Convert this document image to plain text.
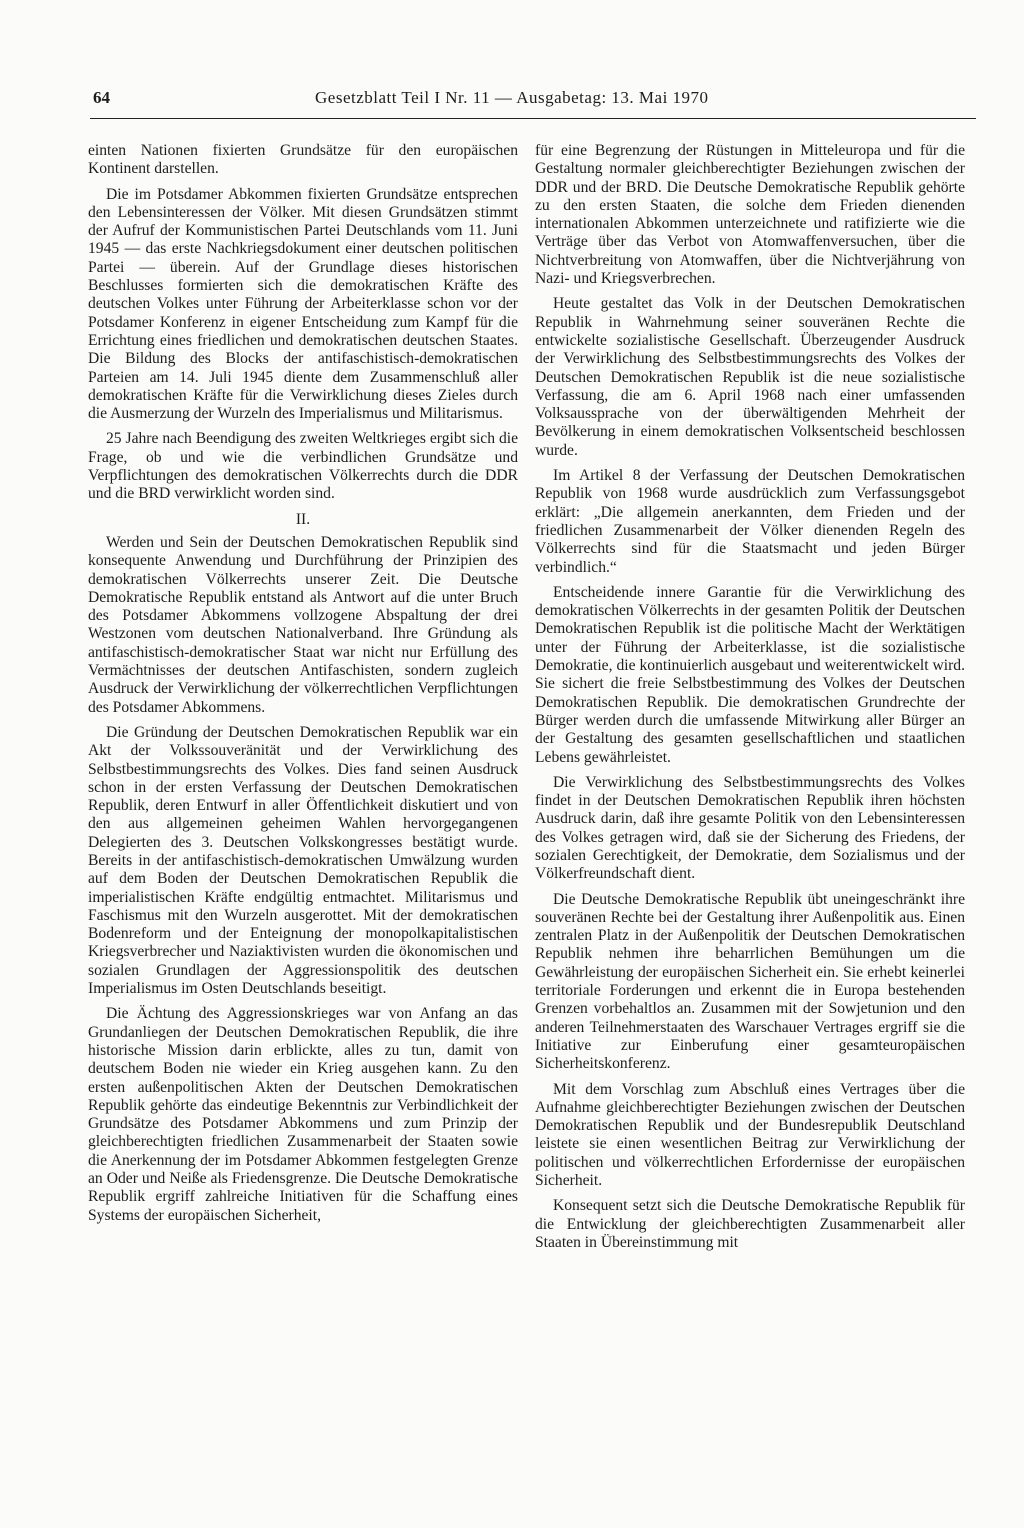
64	Gesetzblatt Teil I Nr. 11 — Ausgabetag: 13. Mai 1970

einten Nationen fixierten Grundsätze für den europäischen Kontinent darstellen.

Die im Potsdamer Abkommen fixierten Grundsätze entsprechen den Lebensinteressen der Völker. Mit diesen Grundsätzen stimmt der Aufruf der Kommunistischen Partei Deutschlands vom 11. Juni 1945 — das erste Nachkriegsdokument einer deutschen politischen Partei — überein. Auf der Grundlage dieses historischen Beschlusses formierten sich die demokratischen Kräfte des deutschen Volkes unter Führung der Arbeiterklasse schon vor der Potsdamer Konferenz in eigener Entscheidung zum Kampf für die Errichtung eines friedlichen und demokratischen deutschen Staates. Die Bildung des Blocks der antifaschistisch-demokratischen Parteien am 14. Juli 1945 diente dem Zusammenschluß aller demokratischen Kräfte für die Verwirklichung dieses Zieles durch die Ausmerzung der Wurzeln des Imperialismus und Militarismus.

25 Jahre nach Beendigung des zweiten Weltkrieges ergibt sich die Frage, ob und wie die verbindlichen Grundsätze und Verpflichtungen des demokratischen Völkerrechts durch die DDR und die BRD verwirklicht worden sind.

II.

Werden und Sein der Deutschen Demokratischen Republik sind konsequente Anwendung und Durchführung der Prinzipien des demokratischen Völkerrechts unserer Zeit. Die Deutsche Demokratische Republik entstand als Antwort auf die unter Bruch des Potsdamer Abkommens vollzogene Abspaltung der drei Westzonen vom deutschen Nationalverband. Ihre Gründung als antifaschistisch-demokratischer Staat war nicht nur Erfüllung des Vermächtnisses der deutschen Antifaschisten, sondern zugleich Ausdruck der Verwirklichung der völkerrechtlichen Verpflichtungen des Potsdamer Abkommens.

Die Gründung der Deutschen Demokratischen Republik war ein Akt der Volkssouveränität und der Verwirklichung des Selbstbestimmungsrechts des Volkes. Dies fand seinen Ausdruck schon in der ersten Verfassung der Deutschen Demokratischen Republik, deren Entwurf in aller Öffentlichkeit diskutiert und von den aus allgemeinen geheimen Wahlen hervorgegangenen Delegierten des 3. Deutschen Volkskongresses bestätigt wurde. Bereits in der antifaschistisch-demokratischen Umwälzung wurden auf dem Boden der Deutschen Demokratischen Republik die imperialistischen Kräfte endgültig entmachtet. Militarismus und Faschismus mit den Wurzeln ausgerottet. Mit der demokratischen Bodenreform und der Enteignung der monopolkapitalistischen Kriegsverbrecher und Naziaktivisten wurden die ökonomischen und sozialen Grundlagen der Aggressionspolitik des deutschen Imperialismus im Osten Deutschlands beseitigt.

Die Ächtung des Aggressionskrieges war von Anfang an das Grundanliegen der Deutschen Demokratischen Republik, die ihre historische Mission darin erblickte, alles zu tun, damit von deutschem Boden nie wieder ein Krieg ausgehen kann. Zu den ersten außenpolitischen Akten der Deutschen Demokratischen Republik gehörte das eindeutige Bekenntnis zur Verbindlichkeit der Grundsätze des Potsdamer Abkommens und zum Prinzip der gleichberechtigten friedlichen Zusammenarbeit der Staaten sowie die Anerkennung der im Potsdamer Abkommen festgelegten Grenze an Oder und Neiße als Friedensgrenze. Die Deutsche Demokratische Republik ergriff zahlreiche Initiativen für die Schaffung eines Systems der europäischen Sicherheit,

für eine Begrenzung der Rüstungen in Mitteleuropa und für die Gestaltung normaler gleichberechtigter Beziehungen zwischen der DDR und der BRD. Die Deutsche Demokratische Republik gehörte zu den ersten Staaten, die solche dem Frieden dienenden internationalen Abkommen unterzeichnete und ratifizierte wie die Verträge über das Verbot von Atomwaffenversuchen, über die Nichtverbreitung von Atomwaffen, über die Nichtverjährung von Nazi- und Kriegsverbrechen.

Heute gestaltet das Volk in der Deutschen Demokratischen Republik in Wahrnehmung seiner souveränen Rechte die entwickelte sozialistische Gesellschaft. Überzeugender Ausdruck der Verwirklichung des Selbstbestimmungsrechts des Volkes der Deutschen Demokratischen Republik ist die neue sozialistische Verfassung, die am 6. April 1968 nach einer umfassenden Volksaussprache von der überwältigenden Mehrheit der Bevölkerung in einem demokratischen Volksentscheid beschlossen wurde.

Im Artikel 8 der Verfassung der Deutschen Demokratischen Republik von 1968 wurde ausdrücklich zum Verfassungsgebot erklärt: „Die allgemein anerkannten, dem Frieden und der friedlichen Zusammenarbeit der Völker dienenden Regeln des Völkerrechts sind für die Staatsmacht und jeden Bürger verbindlich.“

Entscheidende innere Garantie für die Verwirklichung des demokratischen Völkerrechts in der gesamten Politik der Deutschen Demokratischen Republik ist die politische Macht der Werktätigen unter der Führung der Arbeiterklasse, ist die sozialistische Demokratie, die kontinuierlich ausgebaut und weiterentwickelt wird. Sie sichert die freie Selbstbestimmung des Volkes der Deutschen Demokratischen Republik. Die demokratischen Grundrechte der Bürger werden durch die umfassende Mitwirkung aller Bürger an der Gestaltung des gesamten gesellschaftlichen und staatlichen Lebens gewährleistet.

Die Verwirklichung des Selbstbestimmungsrechts des Volkes findet in der Deutschen Demokratischen Republik ihren höchsten Ausdruck darin, daß ihre gesamte Politik von den Lebensinteressen des Volkes getragen wird, daß sie der Sicherung des Friedens, der sozialen Gerechtigkeit, der Demokratie, dem Sozialismus und der Völkerfreundschaft dient.

Die Deutsche Demokratische Republik übt uneingeschränkt ihre souveränen Rechte bei der Gestaltung ihrer Außenpolitik aus. Einen zentralen Platz in der Außenpolitik der Deutschen Demokratischen Republik nehmen ihre beharrlichen Bemühungen um die Gewährleistung der europäischen Sicherheit ein. Sie erhebt keinerlei territoriale Forderungen und erkennt die in Europa bestehenden Grenzen vorbehaltlos an. Zusammen mit der Sowjetunion und den anderen Teilnehmerstaaten des Warschauer Vertrages ergriff sie die Initiative zur Einberufung einer gesamteuropäischen Sicherheitskonferenz.

Mit dem Vorschlag zum Abschluß eines Vertrages über die Aufnahme gleichberechtigter Beziehungen zwischen der Deutschen Demokratischen Republik und der Bundesrepublik Deutschland leistete sie einen wesentlichen Beitrag zur Verwirklichung der politischen und völkerrechtlichen Erfordernisse der europäischen Sicherheit.

Konsequent setzt sich die Deutsche Demokratische Republik für die Entwicklung der gleichberechtigten Zusammenarbeit aller Staaten in Übereinstimmung mit
